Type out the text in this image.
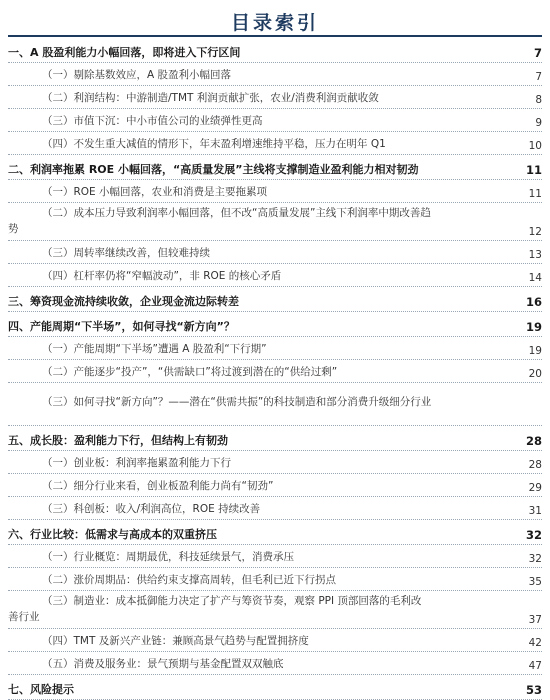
目录索引
一、A 股盈利能力小幅回落，即将进入下行区间	7
（一）剔除基数效应，A 股盈利小幅回落	7
（二）利润结构：中游制造/TMT 利润贡献扩张，农业/消费利润贡献收敛	8
（三）市值下沉：中小市值公司的业绩弹性更高	9
（四）不发生重大减值的情形下，年末盈利增速维持平稳，压力在明年 Q1	10
二、利润率拖累 ROE 小幅回落，“高质量发展”主线将支撑制造业盈利能力相对韧劲	11
（一）ROE 小幅回落，农业和消费是主要拖累项	11
（二）成本压力导致利润率小幅回落，但不改“高质量发展”主线下利润率中期改善趋
势	12
（三）周转率继续改善，但较难持续	13
（四）杠杆率仍将“窄幅波动”，非 ROE 的核心矛盾	14
三、筹资现金流持续收敛，企业现金流边际转差	16
四、产能周期“下半场”，如何寻找“新方向”？	19
（一）产能周期“下半场”遭遇 A 股盈利“下行期”	19
（二）产能逐步“投产”，“供需缺口”将过渡到潜在的“供给过剩”	20
（三）如何寻找“新方向”？——潜在“供需共振”的科技制造和部分消费升级细分行业
五、成长股：盈利能力下行，但结构上有韧劲	28
（一）创业板：利润率拖累盈利能力下行	28
（二）细分行业来看，创业板盈利能力尚有“韧劲”	29
（三）科创板：收入/利润高位，ROE 持续改善	31
六、行业比较：低需求与高成本的双重挤压	32
（一）行业概览：周期最优，科技延续景气，消费承压	32
（二）涨价周期品：供给约束支撑高周转，但毛利已近下行拐点	35
（三）制造业：成本抵御能力决定了扩产与筹资节奏，观察 PPI 顶部回落的毛利改
善行业	37
（四）TMT 及新兴产业链：兼顾高景气趋势与配置拥挤度	42
（五）消费及服务业：景气预期与基金配置双双触底	47
七、风险提示	53
